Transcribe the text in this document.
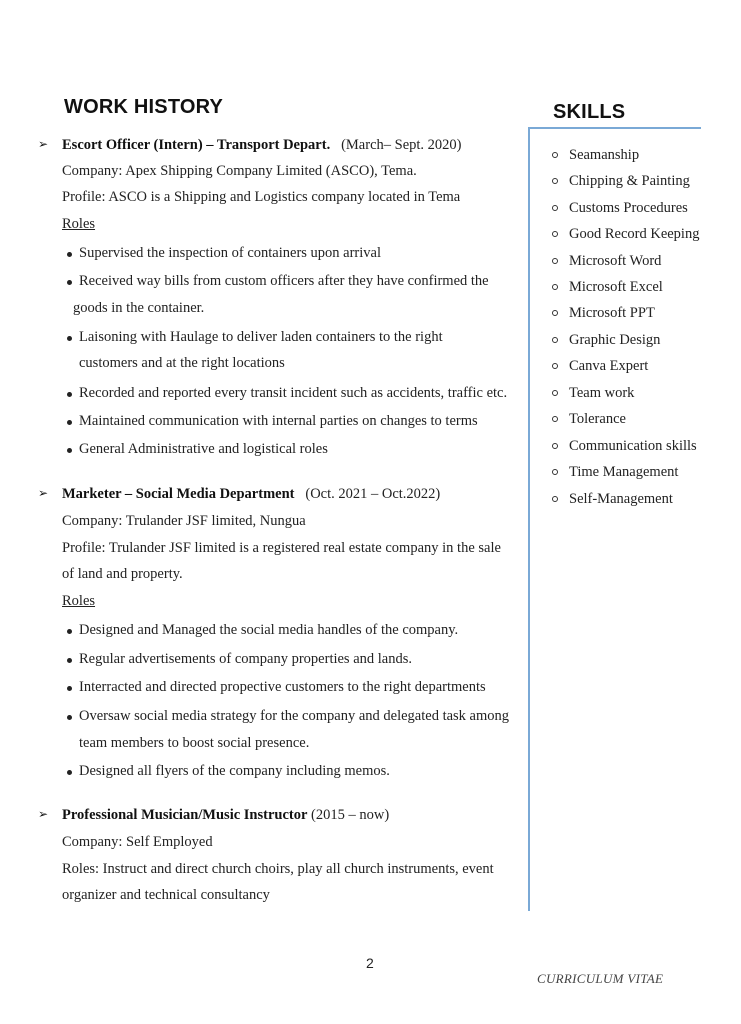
WORK HISTORY	SKILLS
➢ Escort Officer (Intern) – Transport Depart. (March– Sept. 2020)
Company: Apex Shipping Company Limited (ASCO), Tema.
Profile: ASCO is a Shipping and Logistics company located in Tema
Roles
Supervised the inspection of containers upon arrival
Received way bills from custom officers after they have confirmed the
goods in the container.
Laisoning with Haulage to deliver laden containers to the right
customers and at the right locations
Recorded and reported every transit incident such as accidents, traffic etc.
Maintained communication with internal parties on changes to terms
General Administrative and logistical roles
➢ Marketer – Social Media Department (Oct. 2021 – Oct.2022)
Company: Trulander JSF limited, Nungua
Profile: Trulander JSF limited is a registered real estate company in the sale
of land and property.
Roles
Designed and Managed the social media handles of the company.
Regular advertisements of company properties and lands.
Interracted and directed propective customers to the right departments
Oversaw social media strategy for the company and delegated task among
team members to boost social presence.
Designed all flyers of the company including memos.
➢ Professional Musician/Music Instructor (2015 – now)
Company: Self Employed
Roles: Instruct and direct church choirs, play all church instruments, event
organizer and technical consultancy
Seamanship
Chipping & Painting
Customs Procedures
Good Record Keeping
Microsoft Word
Microsoft Excel
Microsoft PPT
Graphic Design
Canva Expert
Team work
Tolerance
Communication skills
Time Management
Self-Management
2
CURRICULUM VITAE
